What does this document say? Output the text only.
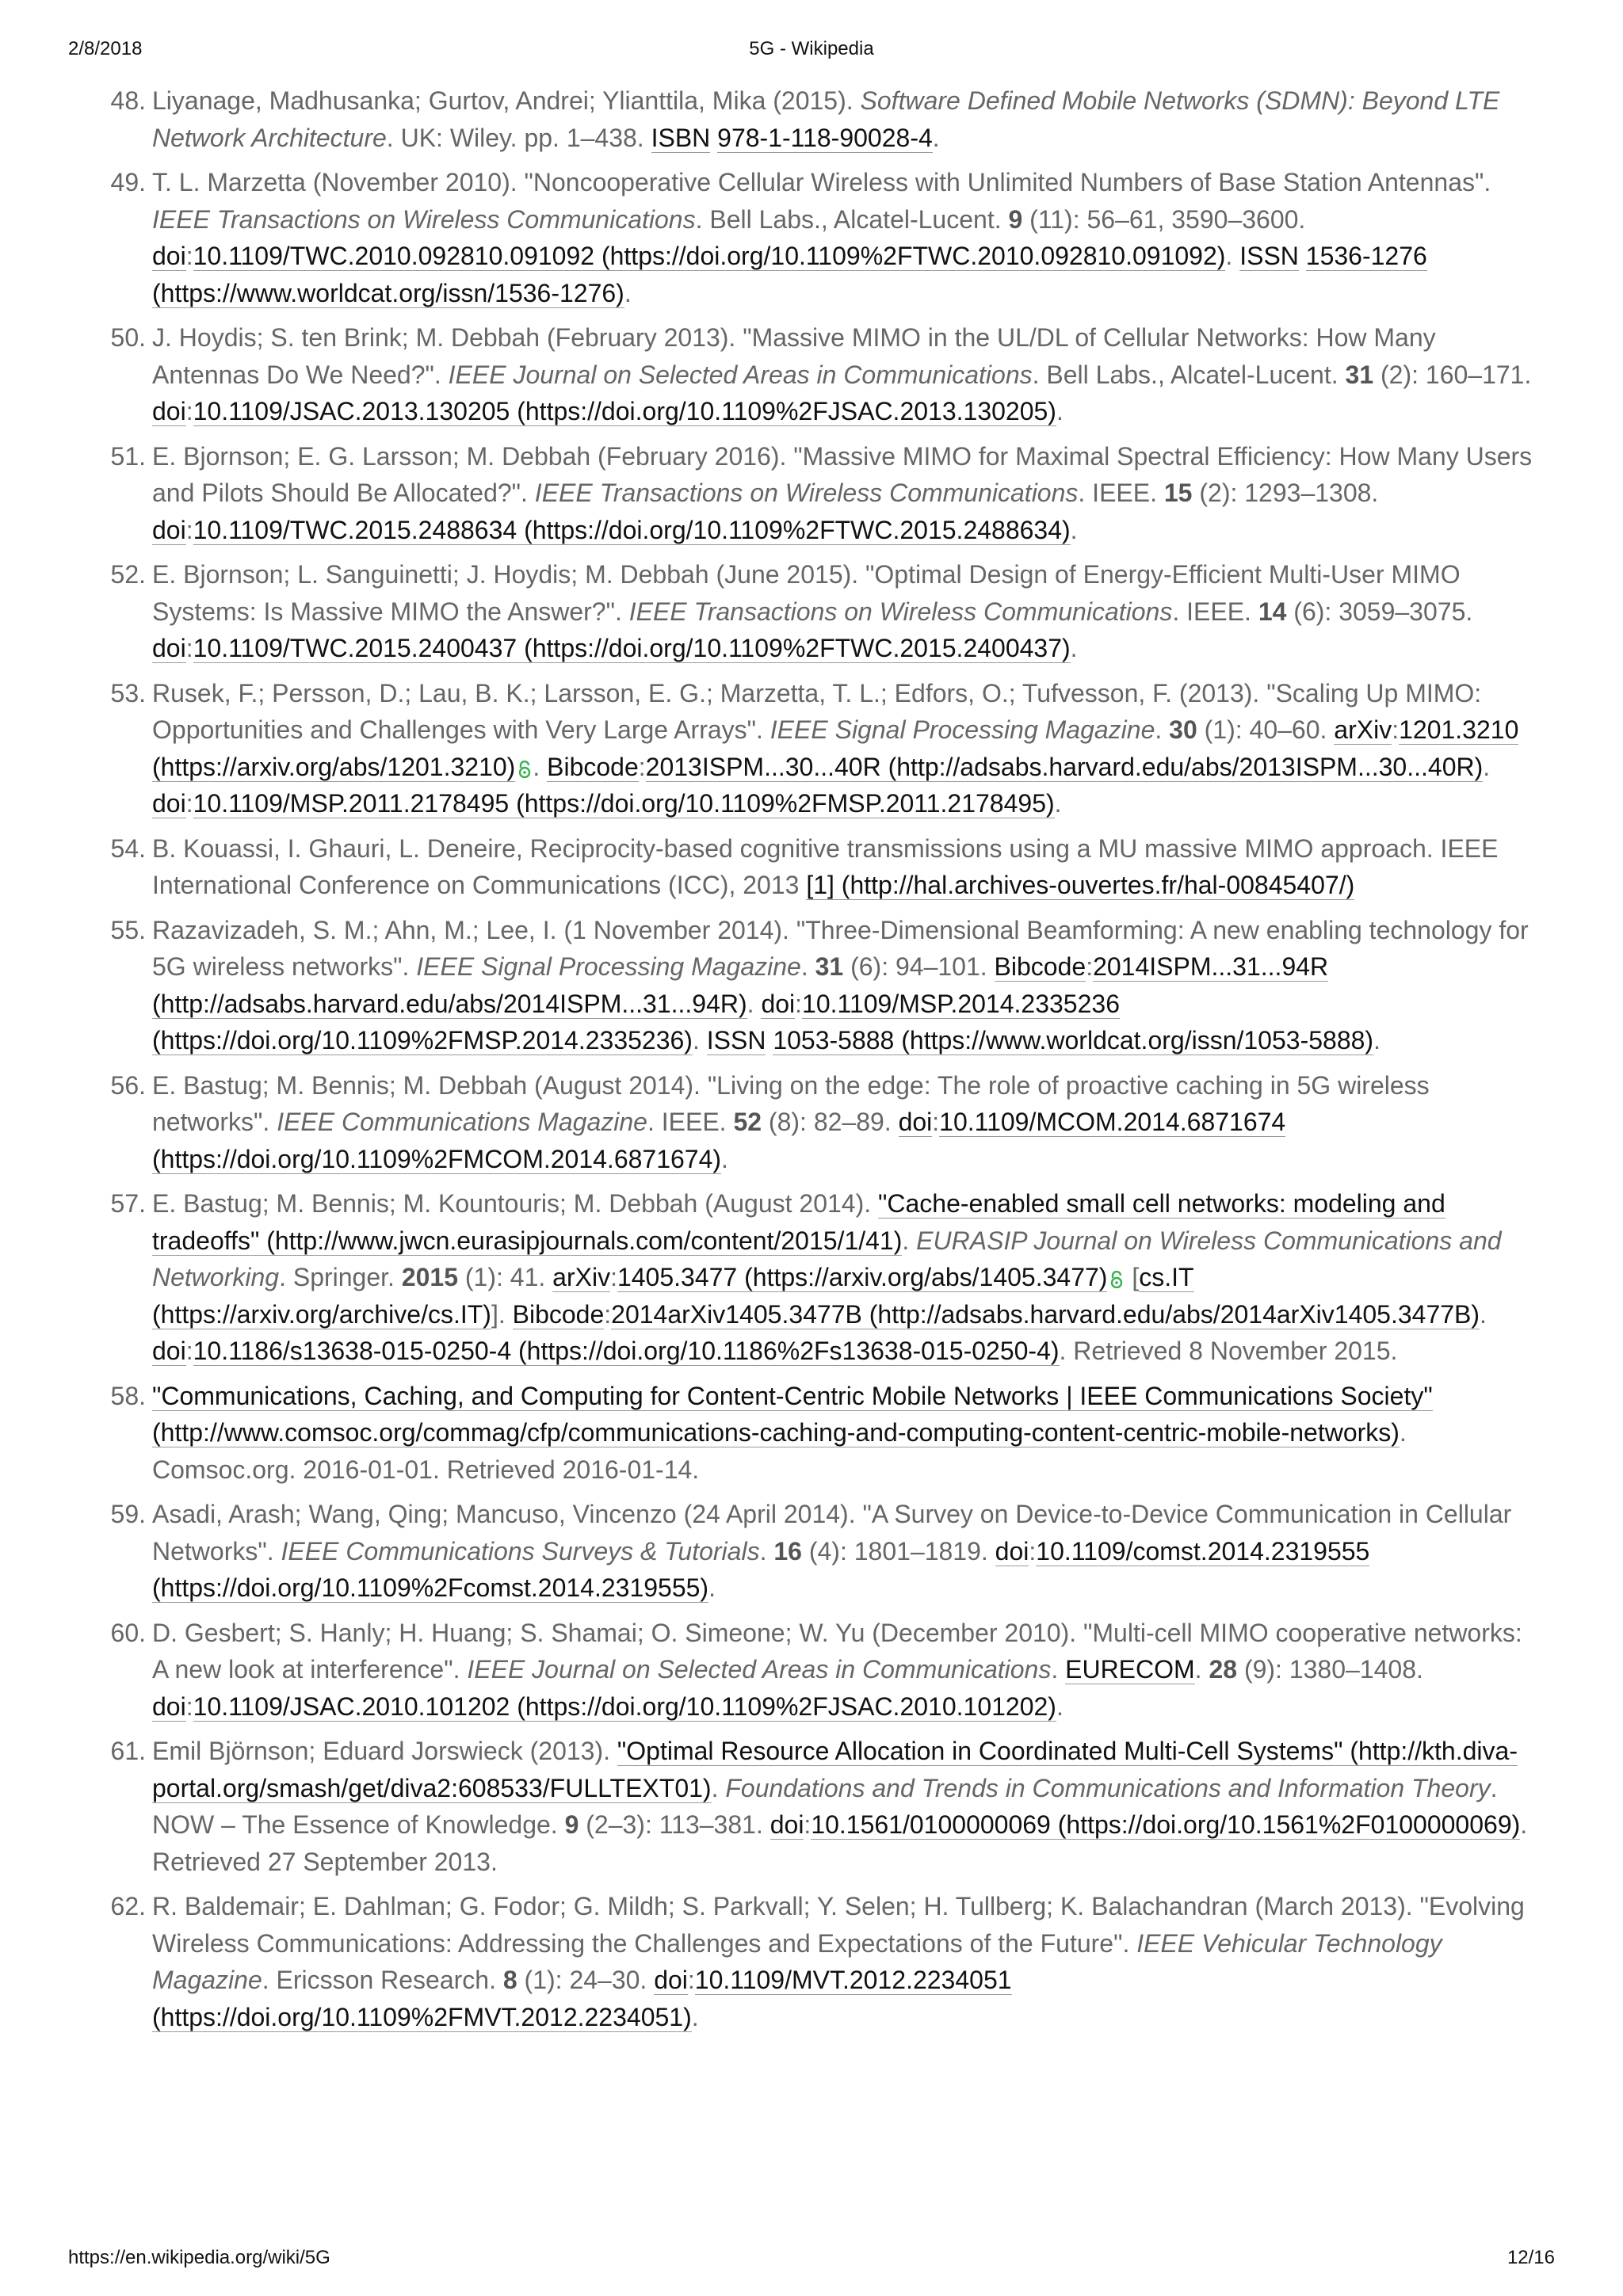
2/8/2018	5G - Wikipedia
48. Liyanage, Madhusanka; Gurtov, Andrei; Ylianttila, Mika (2015). Software Defined Mobile Networks (SDMN): Beyond LTE Network Architecture. UK: Wiley. pp. 1–438. ISBN 978-1-118-90028-4.
49. T. L. Marzetta (November 2010). "Noncooperative Cellular Wireless with Unlimited Numbers of Base Station Antennas". IEEE Transactions on Wireless Communications. Bell Labs., Alcatel-Lucent. 9 (11): 56–61, 3590–3600. doi:10.1109/TWC.2010.092810.091092 (https://doi.org/10.1109%2FTWC.2010.092810.091092). ISSN 1536-1276 (https://www.worldcat.org/issn/1536-1276).
50. J. Hoydis; S. ten Brink; M. Debbah (February 2013). "Massive MIMO in the UL/DL of Cellular Networks: How Many Antennas Do We Need?". IEEE Journal on Selected Areas in Communications. Bell Labs., Alcatel-Lucent. 31 (2): 160–171. doi:10.1109/JSAC.2013.130205 (https://doi.org/10.1109%2FJSAC.2013.130205).
51. E. Bjornson; E. G. Larsson; M. Debbah (February 2016). "Massive MIMO for Maximal Spectral Efficiency: How Many Users and Pilots Should Be Allocated?". IEEE Transactions on Wireless Communications. IEEE. 15 (2): 1293–1308. doi:10.1109/TWC.2015.2488634 (https://doi.org/10.1109%2FTWC.2015.2488634).
52. E. Bjornson; L. Sanguinetti; J. Hoydis; M. Debbah (June 2015). "Optimal Design of Energy-Efficient Multi-User MIMO Systems: Is Massive MIMO the Answer?". IEEE Transactions on Wireless Communications. IEEE. 14 (6): 3059–3075. doi:10.1109/TWC.2015.2400437 (https://doi.org/10.1109%2FTWC.2015.2400437).
53. Rusek, F.; Persson, D.; Lau, B. K.; Larsson, E. G.; Marzetta, T. L.; Edfors, O.; Tufvesson, F. (2013). "Scaling Up MIMO: Opportunities and Challenges with Very Large Arrays". IEEE Signal Processing Magazine. 30 (1): 40–60. arXiv:1201.3210 (https://arxiv.org/abs/1201.3210) . Bibcode:2013ISPM...30...40R (http://adsabs.harvard.edu/abs/2013ISPM...30...40R). doi:10.1109/MSP.2011.2178495 (https://doi.org/10.1109%2FMSP.2011.2178495).
54. B. Kouassi, I. Ghauri, L. Deneire, Reciprocity-based cognitive transmissions using a MU massive MIMO approach. IEEE International Conference on Communications (ICC), 2013 [1] (http://hal.archives-ouvertes.fr/hal-00845407/)
55. Razavizadeh, S. M.; Ahn, M.; Lee, I. (1 November 2014). "Three-Dimensional Beamforming: A new enabling technology for 5G wireless networks". IEEE Signal Processing Magazine. 31 (6): 94–101. Bibcode:2014ISPM...31...94R (http://adsabs.harvard.edu/abs/2014ISPM...31...94R). doi:10.1109/MSP.2014.2335236 (https://doi.org/10.1109%2FMSP.2014.2335236). ISSN 1053-5888 (https://www.worldcat.org/issn/1053-5888).
56. E. Bastug; M. Bennis; M. Debbah (August 2014). "Living on the edge: The role of proactive caching in 5G wireless networks". IEEE Communications Magazine. IEEE. 52 (8): 82–89. doi:10.1109/MCOM.2014.6871674 (https://doi.org/10.1109%2FMCOM.2014.6871674).
57. E. Bastug; M. Bennis; M. Kountouris; M. Debbah (August 2014). "Cache-enabled small cell networks: modeling and tradeoffs" (http://www.jwcn.eurasipjournals.com/content/2015/1/41). EURASIP Journal on Wireless Communications and Networking. Springer. 2015 (1): 41. arXiv:1405.3477 (https://arxiv.org/abs/1405.3477) [cs.IT (https://arxiv.org/archive/cs.IT)]. Bibcode:2014arXiv1405.3477B (http://adsabs.harvard.edu/abs/2014arXiv1405.3477B). doi:10.1186/s13638-015-0250-4 (https://doi.org/10.1186%2Fs13638-015-0250-4). Retrieved 8 November 2015.
58. "Communications, Caching, and Computing for Content-Centric Mobile Networks | IEEE Communications Society" (http://www.comsoc.org/commag/cfp/communications-caching-and-computing-content-centric-mobile-networks). Comsoc.org. 2016-01-01. Retrieved 2016-01-14.
59. Asadi, Arash; Wang, Qing; Mancuso, Vincenzo (24 April 2014). "A Survey on Device-to-Device Communication in Cellular Networks". IEEE Communications Surveys & Tutorials. 16 (4): 1801–1819. doi:10.1109/comst.2014.2319555 (https://doi.org/10.1109%2Fcomst.2014.2319555).
60. D. Gesbert; S. Hanly; H. Huang; S. Shamai; O. Simeone; W. Yu (December 2010). "Multi-cell MIMO cooperative networks: A new look at interference". IEEE Journal on Selected Areas in Communications. EURECOM. 28 (9): 1380–1408. doi:10.1109/JSAC.2010.101202 (https://doi.org/10.1109%2FJSAC.2010.101202).
61. Emil Björnson; Eduard Jorswieck (2013). "Optimal Resource Allocation in Coordinated Multi-Cell Systems" (http://kth.diva-portal.org/smash/get/diva2:608533/FULLTEXT01). Foundations and Trends in Communications and Information Theory. NOW – The Essence of Knowledge. 9 (2–3): 113–381. doi:10.1561/0100000069 (https://doi.org/10.1561%2F0100000069). Retrieved 27 September 2013.
62. R. Baldemair; E. Dahlman; G. Fodor; G. Mildh; S. Parkvall; Y. Selen; H. Tullberg; K. Balachandran (March 2013). "Evolving Wireless Communications: Addressing the Challenges and Expectations of the Future". IEEE Vehicular Technology Magazine. Ericsson Research. 8 (1): 24–30. doi:10.1109/MVT.2012.2234051 (https://doi.org/10.1109%2FMVT.2012.2234051).
https://en.wikipedia.org/wiki/5G	12/16
